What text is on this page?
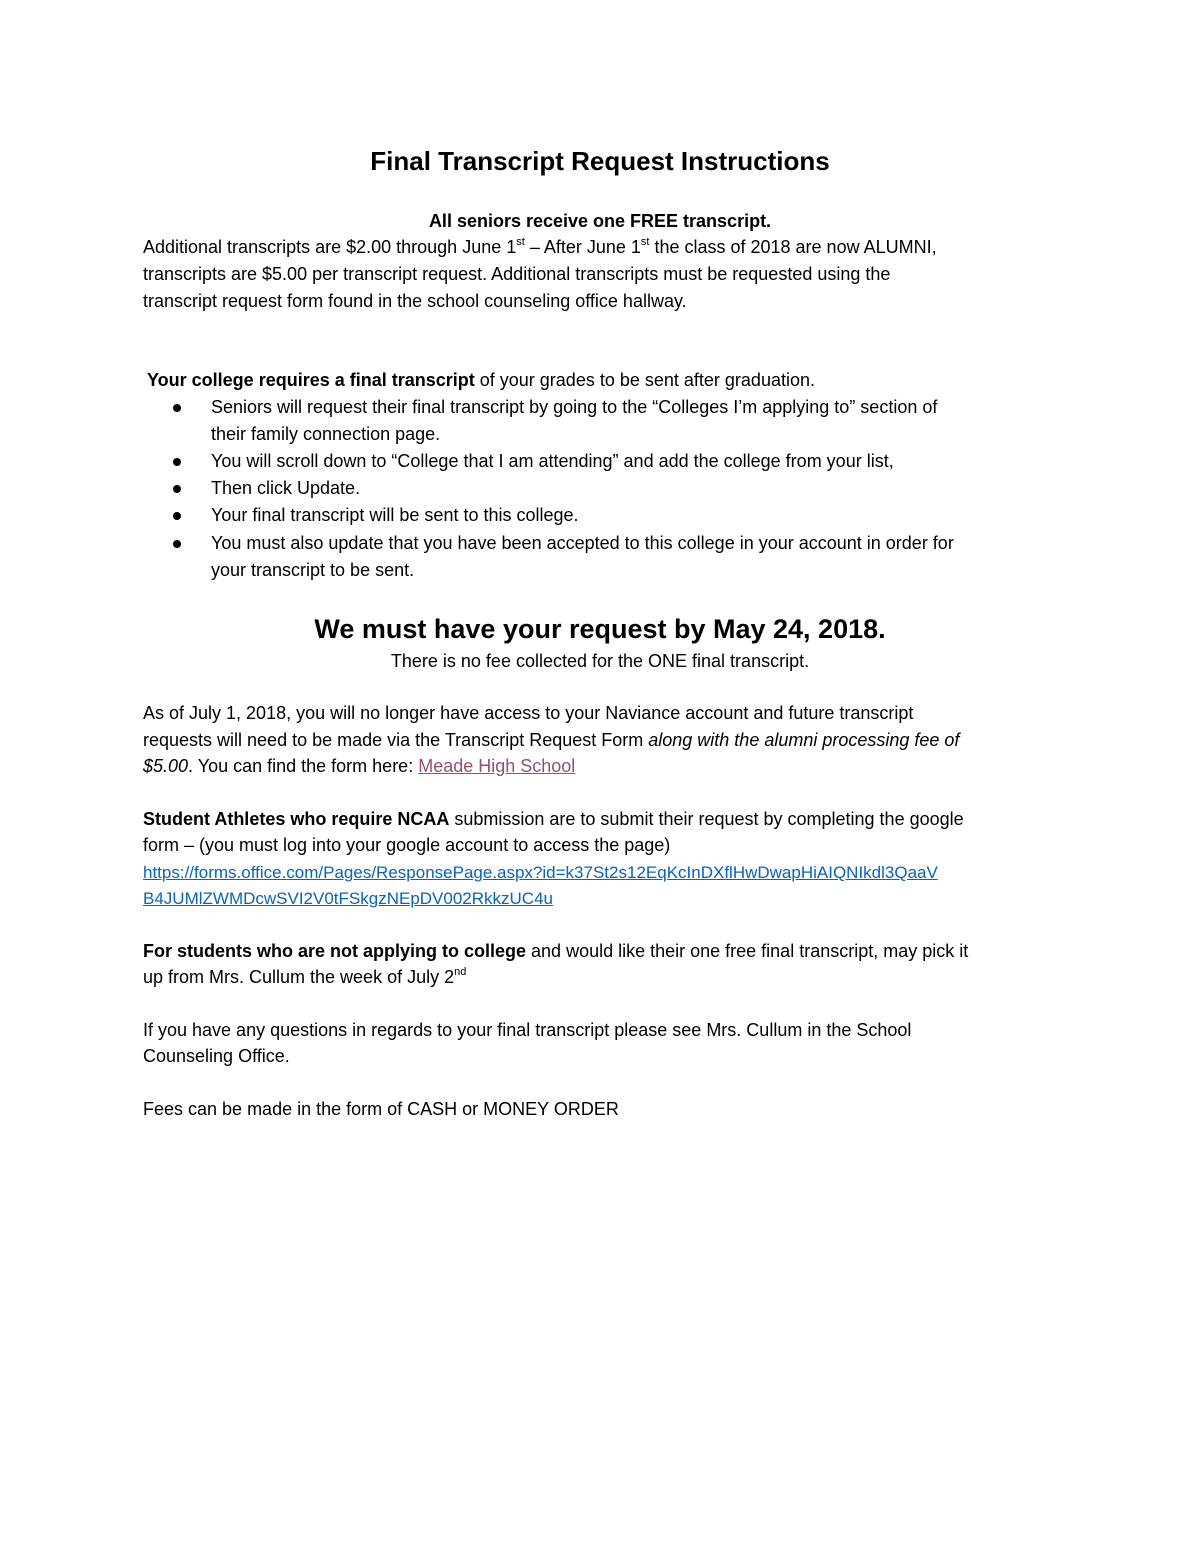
Final Transcript Request Instructions
All seniors receive one FREE transcript.
Additional transcripts are $2.00 through June 1st – After June 1st the class of 2018 are now ALUMNI,
transcripts are $5.00 per transcript request. Additional transcripts must be requested using the
transcript request form found in the school counseling office hallway.
Your college requires a final transcript of your grades to be sent after graduation.
Seniors will request their final transcript by going to the “Colleges I’m applying to” section of
their family connection page.
You will scroll down to “College that I am attending” and add the college from your list,
Then click Update.
Your final transcript will be sent to this college.
You must also update that you have been accepted to this college in your account in order for
your transcript to be sent.
We must have your request by May 24, 2018.
There is no fee collected for the ONE final transcript.
As of July 1, 2018, you will no longer have access to your Naviance account and future transcript
requests will need to be made via the Transcript Request Form along with the alumni processing fee of
$5.00. You can find the form here: Meade High School
Student Athletes who require NCAA submission are to submit their request by completing the google
form – (you must log into your google account to access the page)
https://forms.office.com/Pages/ResponsePage.aspx?id=k37St2s12EqKcInDXflHwDwapHiAIQNIkdl3QaaV
B4JUMlZWMDcwSVI2V0tFSkgzNEpDV002RkkzUC4u
For students who are not applying to college and would like their one free final transcript, may pick it
up from Mrs. Cullum the week of July 2nd
If you have any questions in regards to your final transcript please see Mrs. Cullum in the School
Counseling Office.
Fees can be made in the form of CASH or MONEY ORDER
